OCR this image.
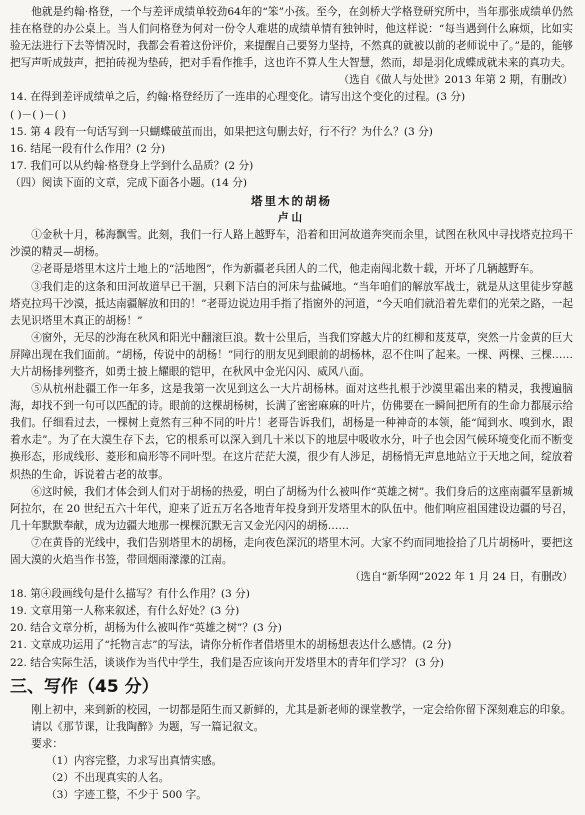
他就是约翰·格登，一个与差评成绩单较劲64年的“笨”小孩。至今，在剑桥大学格登研究所中，当年那张成绩单仍然挂在格登的办公桌上。当人们问格登为何对一份令人难堪的成绩单情有独钟时，他这样说：“每当遇到什么麻烦，比如实验无法进行下去等情况时，我都会看着这份评价，来提醒自己要努力坚持，不然真的就被以前的老师说中了。”是的，能够把写声听成鼓声，把拍砖视为垫砖，把对手看作推手，这也许不算人生大智慧，然而，却是羽化成蝶成就未来的真功夫。

（选自《做人与处世》2013 年第 2 期，有删改）

14. 在得到差评成绩单之后，约翰·格登经历了一连串的心理变化。请写出这个变化的过程。(3 分)

( )－( )－( )

15. 第 4 段有一句话写到一只蝴蝶破茧而出，如果把这句删去好，行不行？为什么？(3 分)

16. 结尾一段有什么作用？(2 分)

17. 我们可以从约翰·格登身上学到什么品质？(2 分)

（四）阅读下面的文章，完成下面各小题。(14 分)

塔里木的胡杨

卢山

①金秋十月，秭海飘雪。此刻，我们一行人路上越野车，沿着和田河故道奔突而余里，试图在秋风中寻找塔克拉玛干沙漠的精灵—胡杨。

②老哥是塔里木这片土地上的“活地图”，作为新疆老兵团人的二代，他走南闯北数十载，开坏了几辆越野车。

③我们走的这条和田河故道早已干涸，只剩下洁白的河床与盐碱地。“当年咱们的解放军战士，就是从这里徒步穿越塔克拉玛干沙漠，抵达南疆解放和田的！”老哥边说边用手指了指窗外的河道，“今天咱们就沿着先辈们的光荣之路，一起去见识塔里木真正的胡杨！”

④窗外，无尽的沙海在秋风和阳光中翻滚巨浪。数十公里后，当我们穿越大片的红柳和芨芨草，突然一片金黄的巨大屏障出现在我们面前。“胡杨，传说中的胡杨！”同行的朋友见到眼前的胡杨林，忍不住叫了起来。一棵、两棵、三棵……大片胡杨排列整齐，如勇士披上耀眼的铠甲，在秋风中金光闪闪、威风八面。

⑤从杭州赴疆工作一年多，这是我第一次见到这么一大片胡杨林。面对这些扎根于沙漠里霜出来的精灵，我搜遍脑海，却找不到一句可以匹配的诗。眼前的这棵胡杨树，长满了密密麻麻的叶片，仿佛要在一瞬间把所有的生命力都展示给我们。仔细看过去，一棵树上竟然有三种不同的叶片！老哥告诉我们，胡杨是一种神奇的本领，能“闻到水、嗅到水，跟着水走”。为了在大漠生存下去，它的根系可以深入到几十米以下的地层中吸收水分，叶子也会因气候环境变化而不断变换形态，形成线形、菱形和扁形等不同叶型。在这片茫茫大漠，很少有人涉足，胡杨悄无声息地站立于天地之间，绽放着炽热的生命，诉说着古老的故事。

⑥这时候，我们才体会到人们对于胡杨的热爱，明白了胡杨为什么被叫作“英雄之树”。我们身后的这座南疆军垦新城阿拉尔，在 20 世纪五六十年代，迎来了近五万名各地青年投身到开发塔里木的队伍中。他们响应祖国建设边疆的号召，几十年默默奉献，成为边疆大地那一棵棵沉默无言又金光闪闪的胡杨……

⑦在黄昏的光线中，我们告别塔里木的胡杨，走向夜色深沉的塔里木河。大家不约而同地捡拾了几片胡杨叶，要把这固大漠的火焰当作书签，带回烟雨濛濛的江南。

（选自“新华网”2022 年 1 月 24 日，有删改）

18. 第④段画线句是什么描写？有什么作用？(3 分)

19. 文章用第一人称来叙述，有什么好处？(3 分)

20. 结合文章分析，胡杨为什么被叫作“英雄之树”？(3 分)

21. 文章成功运用了“托物言志”的写法，请你分析作者借塔里木的胡杨想表达什么感情。(2 分)

22. 结合实际生活，谈谈作为当代中学生，我们是否应该向开发塔里木的青年们学习？ (3 分)

三、写作（45 分）

刚上初中，来到新的校园，一切都是陌生而又新鲜的，尤其是新老师的课堂教学，一定会给你留下深刻难忘的印象。

请以《那节课，让我陶醉》为题，写一篇记叙文。

要求：

（1）内容完整，力求写出真情实感。

（2）不出现真实的人名。

（3）字迹工整，不少于 500 字。
